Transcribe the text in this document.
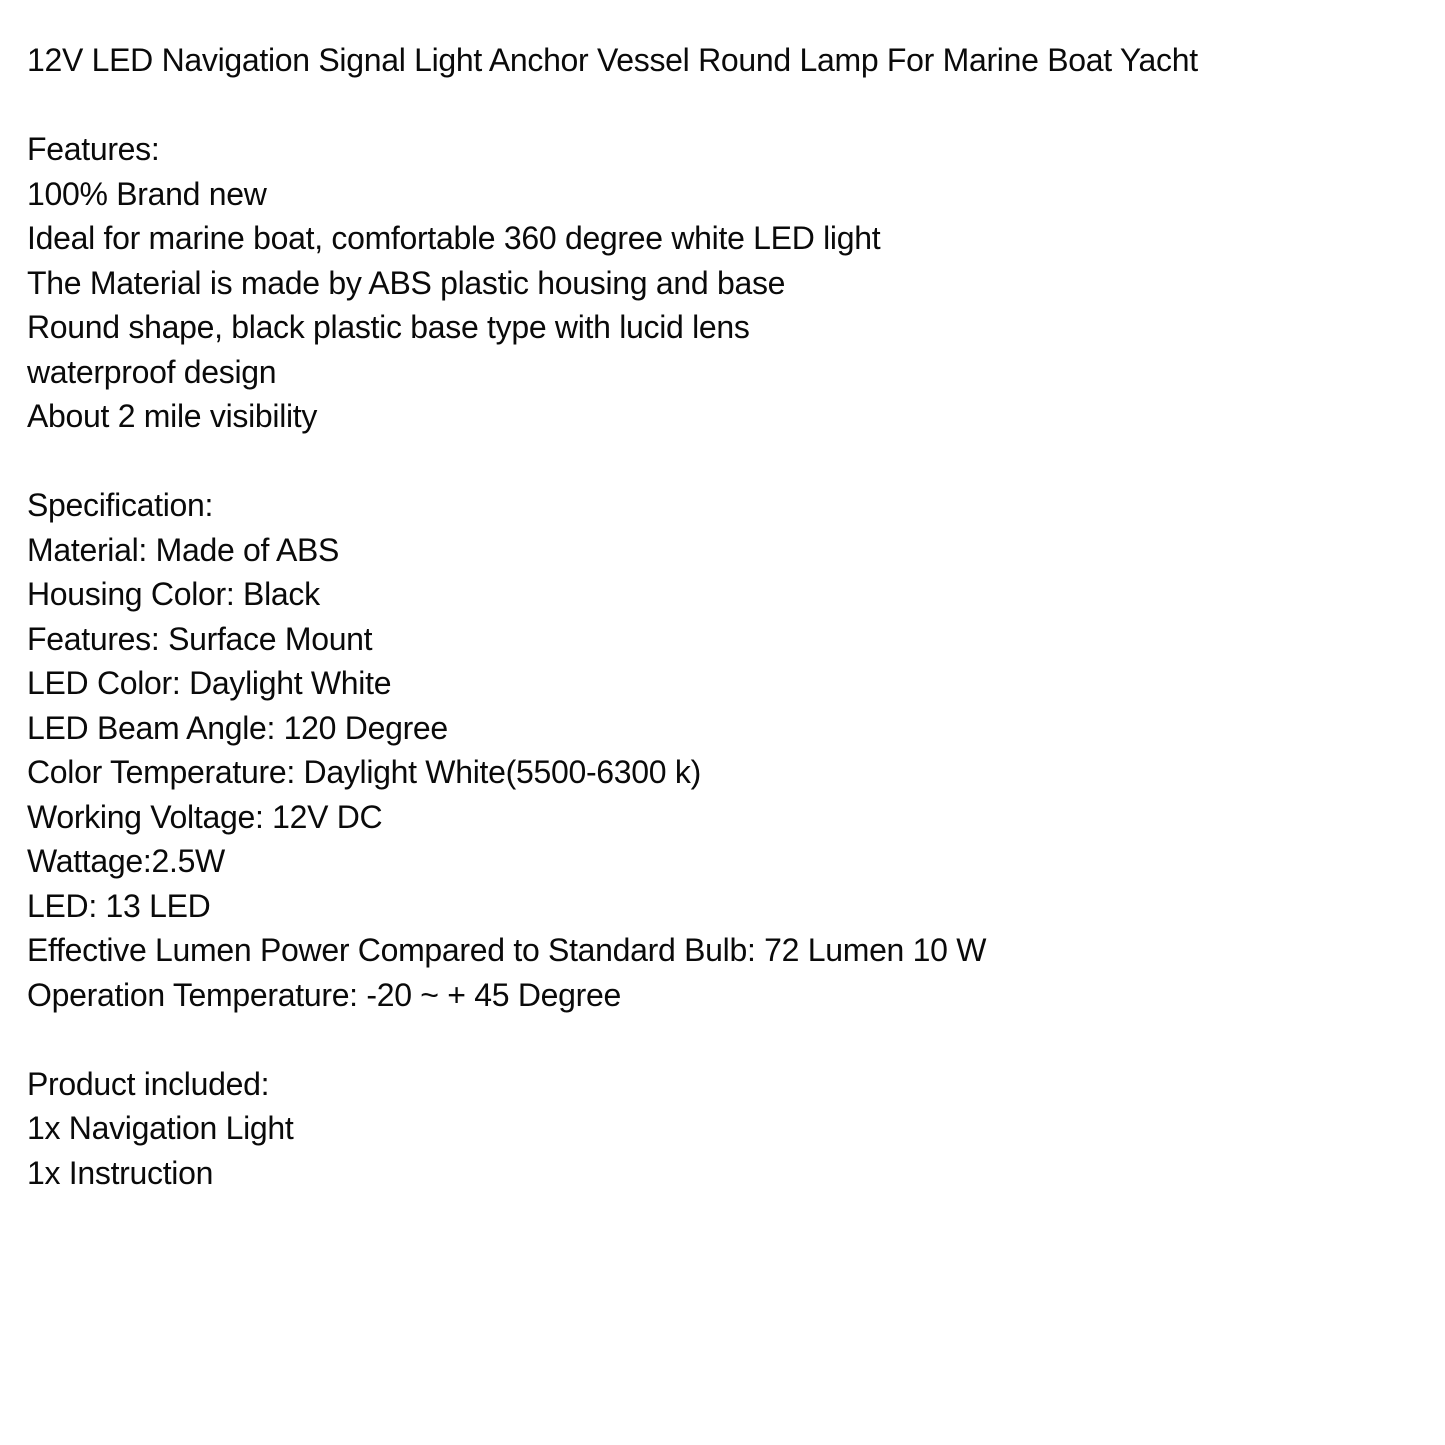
12V LED Navigation Signal Light Anchor Vessel Round Lamp For Marine Boat Yacht
Features:
100% Brand new
Ideal for marine boat, comfortable 360 degree white LED light
The Material is made by ABS plastic housing and base
Round shape, black plastic base type with lucid lens
waterproof design
About 2 mile visibility
Specification:
Material: Made of ABS
Housing Color: Black
Features: Surface Mount
LED Color: Daylight White
LED Beam Angle: 120 Degree
Color Temperature: Daylight White(5500-6300 k)
Working Voltage: 12V DC
Wattage:2.5W
LED: 13 LED
Effective Lumen Power Compared to Standard Bulb: 72 Lumen 10 W
Operation Temperature: -20 ~ + 45 Degree
Product included:
1x Navigation Light
1x Instruction
